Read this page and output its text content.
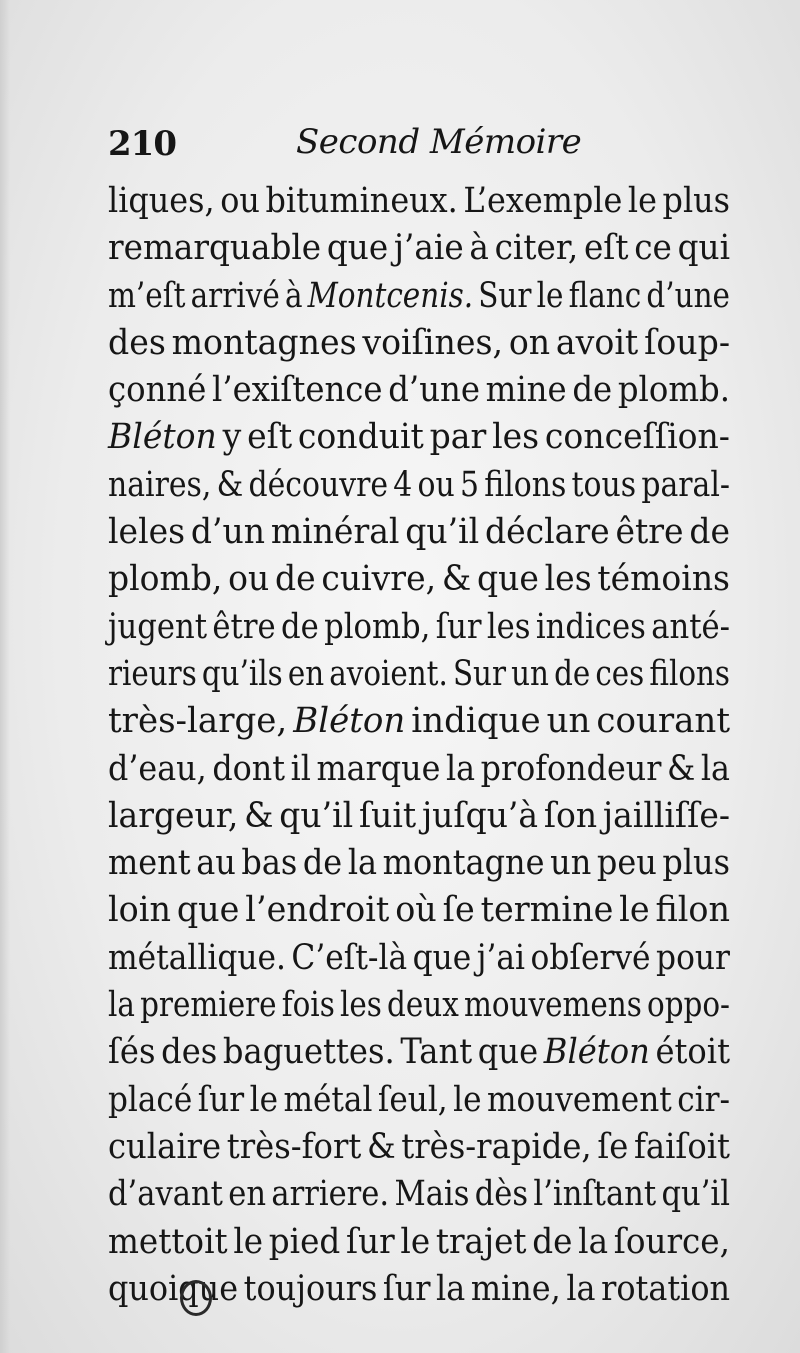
210	Second Mémoire
liques, ou bitumineux. L’exemple le plus
remarquable que j’aie à citer, eſt ce qui
m’eſt arrivé à Montcenis. Sur le flanc d’une
des montagnes voiſines, on avoit ſoup-
çonné l’exiſtence d’une mine de plomb.
Bléton y eſt conduit par les conceſſion-
naires, & découvre 4 ou 5 filons tous paral-
leles d’un minéral qu’il déclare être de
plomb, ou de cuivre, & que les témoins
jugent être de plomb, ſur les indices anté-
rieurs qu’ils en avoient. Sur un de ces filons
très-large, Bléton indique un courant
d’eau, dont il marque la profondeur & la
largeur, & qu’il ſuit juſqu’à ſon jailliſſe-
ment au bas de la montagne un peu plus
loin que l’endroit où ſe termine le filon
métallique. C’eſt-là que j’ai obſervé pour
la premiere fois les deux mouvemens oppo-
ſés des baguettes. Tant que Bléton étoit
placé ſur le métal ſeul, le mouvement cir-
culaire très-fort & très-rapide, ſe faiſoit
d’avant en arriere. Mais dès l’inſtant qu’il
mettoit le pied ſur le trajet de la ſource,
quoique toujours ſur la mine, la rotation
